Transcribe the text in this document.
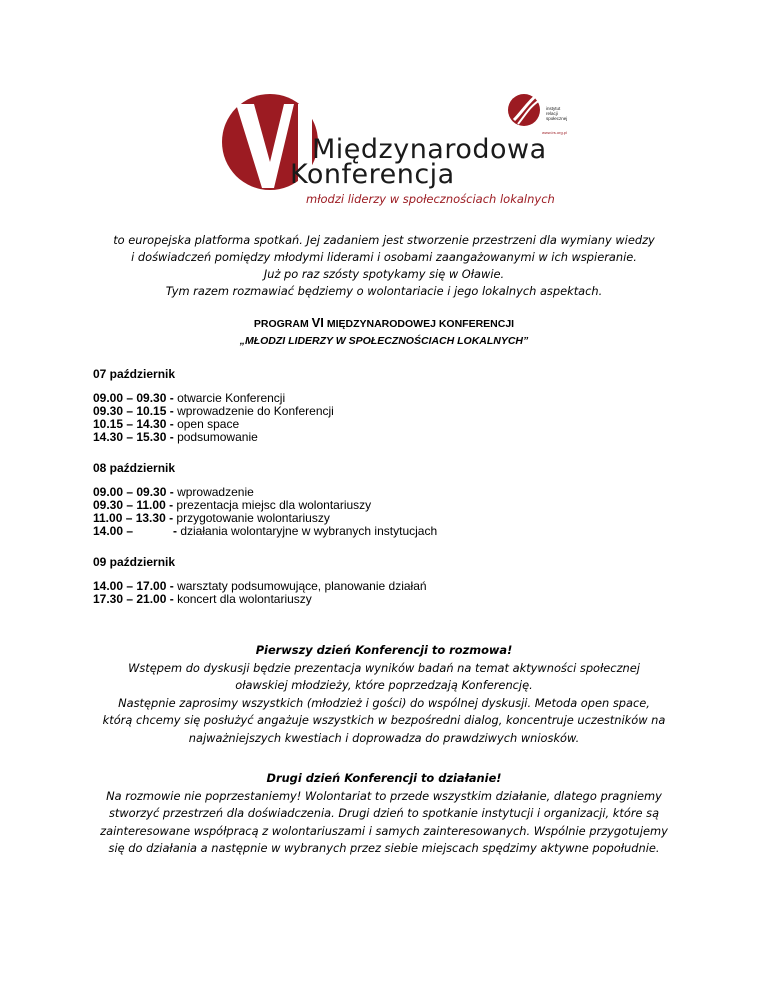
Międzynarodowa
Konferencja
młodzi liderzy w społecznościach lokalnych
instytut
relacji
społecznej
www.irs.org.pl
to europejska platforma spotkań. Jej zadaniem jest stworzenie przestrzeni dla wymiany wiedzy
i doświadczeń pomiędzy młodymi liderami i osobami zaangażowanymi w ich wspieranie.
Już po raz szósty spotykamy się w Oławie.
Tym razem rozmawiać będziemy o wolontariacie i jego lokalnych aspektach.
PROGRAM VI MIĘDZYNARODOWEJ KONFERENCJI
„MŁODZI LIDERZY W SPOŁECZNOŚCIACH LOKALNYCH”
07 październik
09.00 – 09.30 - otwarcie Konferencji
09.30 – 10.15 - wprowadzenie do Konferencji
10.15 – 14.30 - open space
14.30 – 15.30 - podsumowanie
08 październik
09.00 – 09.30 - wprowadzenie
09.30 – 11.00 - prezentacja miejsc dla wolontariuszy
11.00 – 13.30 - przygotowanie wolontariuszy
14.00 –	- działania wolontaryjne w wybranych instytucjach
09 październik
14.00 – 17.00 - warsztaty podsumowujące, planowanie działań
17.30 – 21.00 - koncert dla wolontariuszy
Pierwszy dzień Konferencji to rozmowa!
Wstępem do dyskusji będzie prezentacja wyników badań na temat aktywności społecznej
oławskiej młodzieży, które poprzedzają Konferencję.
Następnie zaprosimy wszystkich (młodzież i gości) do wspólnej dyskusji. Metoda open space,
którą chcemy się posłużyć angażuje wszystkich w bezpośredni dialog, koncentruje uczestników na
najważniejszych kwestiach i doprowadza do prawdziwych wniosków.
Drugi dzień Konferencji to działanie!
Na rozmowie nie poprzestaniemy! Wolontariat to przede wszystkim działanie, dlatego pragniemy
stworzyć przestrzeń dla doświadczenia. Drugi dzień to spotkanie instytucji i organizacji, które są
zainteresowane współpracą z wolontariuszami i samych zainteresowanych. Wspólnie przygotujemy
się do działania a następnie w wybranych przez siebie miejscach spędzimy aktywne popołudnie.
